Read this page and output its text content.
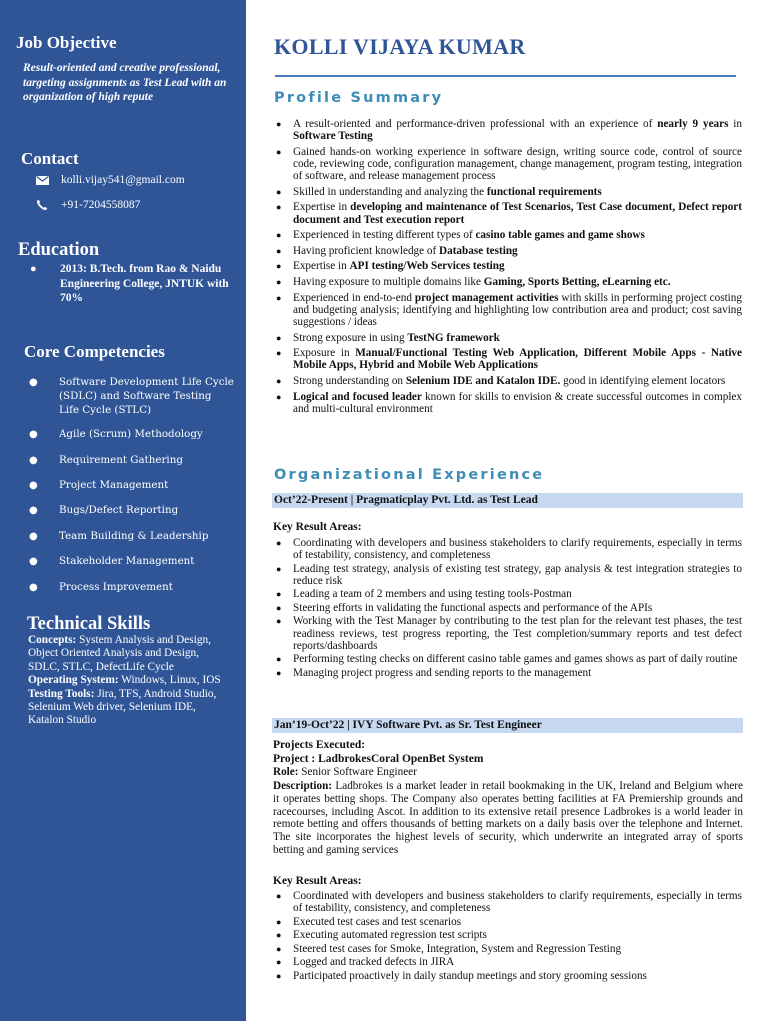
Job Objective

Result-oriented and creative professional, targeting assignments as Test Lead with an organization of high repute

Contact
kolli.vijay541@gmail.com
+91-7204558087
Education
●	2013: B.Tech. from Rao & Naidu Engineering College, JNTUK with 70%
Core Competencies
●	Software Development Life Cycle (SDLC) and Software Testing Life Cycle (STLC)
●	Agile (Scrum) Methodology
●	Requirement Gathering
●	Project Management
●	Bugs/Defect Reporting
●	Team Building & Leadership
●	Stakeholder Management
●	Process Improvement
Technical Skills
Concepts: System Analysis and Design, Object Oriented Analysis and Design, SDLC, STLC, DefectLife Cycle
Operating System: Windows, Linux, IOS
Testing Tools: Jira, TFS, Android Studio, Selenium Web driver, Selenium IDE, Katalon Studio
KOLLI VIJAYA KUMAR
Profile Summary
●	A result-oriented and performance-driven professional with an experience of nearly 9 years in Software Testing
●	Gained hands-on working experience in software design, writing source code, control of source code, reviewing code, configuration management, change management, program testing, integration of software, and release management process
●	Skilled in understanding and analyzing the functional requirements
●	Expertise in developing and maintenance of Test Scenarios, Test Case document, Defect report document and Test execution report
●	Experienced in testing different types of casino table games and game shows
●	Having proficient knowledge of Database testing
●	Expertise in API testing/Web Services testing
●	Having exposure to multiple domains like Gaming, Sports Betting, eLearning etc.
●	Experienced in end-to-end project management activities with skills in performing project costing and budgeting analysis; identifying and highlighting low contribution area and product; cost saving suggestions / ideas
●	Strong exposure in using TestNG framework
●	Exposure in Manual/Functional Testing Web Application, Different Mobile Apps - Native Mobile Apps, Hybrid and Mobile Web Applications
●	Strong understanding on Selenium IDE and Katalon IDE. good in identifying element locators
●	Logical and focused leader known for skills to envision & create successful outcomes in complex and multi-cultural environment
Organizational Experience
Oct’22-Present | Pragmaticplay Pvt. Ltd. as Test Lead
Key Result Areas:
●	Coordinating with developers and business stakeholders to clarify requirements, especially in terms of testability, consistency, and completeness
●	Leading test strategy, analysis of existing test strategy, gap analysis & test integration strategies to reduce risk
●	Leading a team of 2 members and using testing tools-Postman
●	Steering efforts in validating the functional aspects and performance of the APIs
●	Working with the Test Manager by contributing to the test plan for the relevant test phases, the test readiness reviews, test progress reporting, the Test completion/summary reports and test defect reports/dashboards
●	Performing testing checks on different casino table games and games shows as part of daily routine
●	Managing project progress and sending reports to the management
Jan’19-Oct’22 | IVY Software Pvt. as Sr. Test Engineer
Projects Executed:
Project : LadbrokesCoral OpenBet System
Role: Senior Software Engineer
Description: Ladbrokes is a market leader in retail bookmaking in the UK, Ireland and Belgium where it operates betting shops. The Company also operates betting facilities at FA Premiership grounds and racecourses, including Ascot. In addition to its extensive retail presence Ladbrokes is a world leader in remote betting and offers thousands of betting markets on a daily basis over the telephone and Internet. The site incorporates the highest levels of security, which underwrite an integrated array of sports betting and gaming services
Key Result Areas:
●	Coordinated with developers and business stakeholders to clarify requirements, especially in terms of testability, consistency, and completeness
●	Executed test cases and test scenarios
●	Executing automated regression test scripts
●	Steered test cases for Smoke, Integration, System and Regression Testing
●	Logged and tracked defects in JIRA
●	Participated proactively in daily standup meetings and story grooming sessions
